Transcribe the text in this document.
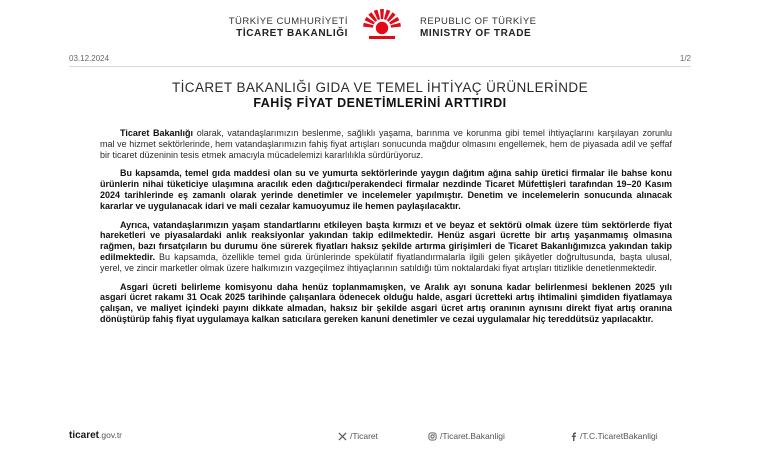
TÜRKİYE CUMHURİYETİ
TİCARET BAKANLIĞI
REPUBLIC OF TÜRKİYE
MINISTRY OF TRADE
03.12.2024	1/2
TİCARET BAKANLIĞI GIDA VE TEMEL İHTİYAÇ ÜRÜNLERİNDE
FAHİŞ FİYAT DENETİMLERİNİ ARTTIRDI

Ticaret Bakanlığı olarak, vatandaşlarımızın beslenme, sağlıklı yaşama, barınma ve korunma gibi temel ihtiyaçlarını karşılayan zorunlu mal ve hizmet sektörlerinde, hem vatandaşlarımızın fahiş fiyat artışları sonucunda mağdur olmasını engellemek, hem de piyasada adil ve şeffaf bir ticaret düzeninin tesis etmek amacıyla mücadelemizi kararlılıkla sürdürüyoruz.

Bu kapsamda, temel gıda maddesi olan su ve yumurta sektörlerinde yaygın dağıtım ağına sahip üretici firmalar ile bahse konu ürünlerin nihai tüketiciye ulaşımına aracılık eden dağıtıcı/perakendeci firmalar nezdinde Ticaret Müfettişleri tarafından 19–20 Kasım 2024 tarihlerinde eş zamanlı olarak yerinde denetimler ve incelemeler yapılmıştır. Denetim ve incelemelerin sonucunda alınacak kararlar ve uygulanacak idari ve mali cezalar kamuoyumuz ile hemen paylaşılacaktır.

Ayrıca, vatandaşlarımızın yaşam standartlarını etkileyen başta kırmızı et ve beyaz et sektörü olmak üzere tüm sektörlerde fiyat hareketleri ve piyasalardaki anlık reaksiyonlar yakından takip edilmektedir. Henüz asgari ücrette bir artış yaşanmamış olmasına rağmen, bazı fırsatçıların bu durumu öne sürerek fiyatları haksız şekilde artırma girişimleri de Ticaret Bakanlığımızca yakından takip edilmektedir. Bu kapsamda, özellikle temel gıda ürünlerinde spekülatif fiyatlandırmalarla ilgili gelen şikâyetler doğrultusunda, başta ulusal, yerel, ve zincir marketler olmak üzere halkımızın vazgeçilmez ihtiyaçlarının satıldığı tüm noktalardaki fiyat artışları titizlikle denetlenmektedir.

Asgari ücreti belirleme komisyonu daha henüz toplanmamışken, ve Aralık ayı sonuna kadar belirlenmesi beklenen 2025 yılı asgari ücret rakamı 31 Ocak 2025 tarihinde çalışanlara ödenecek olduğu halde, asgari ücretteki artış ihtimalini şimdiden fiyatlamaya çalışan, ve maliyet içindeki payını dikkate almadan, haksız bir şekilde asgari ücret artış oranının aynısını direkt fiyat artış oranına dönüştürüp fahiş fiyat uygulamaya kalkan satıcılara gereken kanuni denetimler ve cezai uygulamalar hiç tereddütsüz yapılacaktır.

ticaret.gov.tr	/Ticaret	/Ticaret.Bakanligi	/T.C.TicaretBakanligi
